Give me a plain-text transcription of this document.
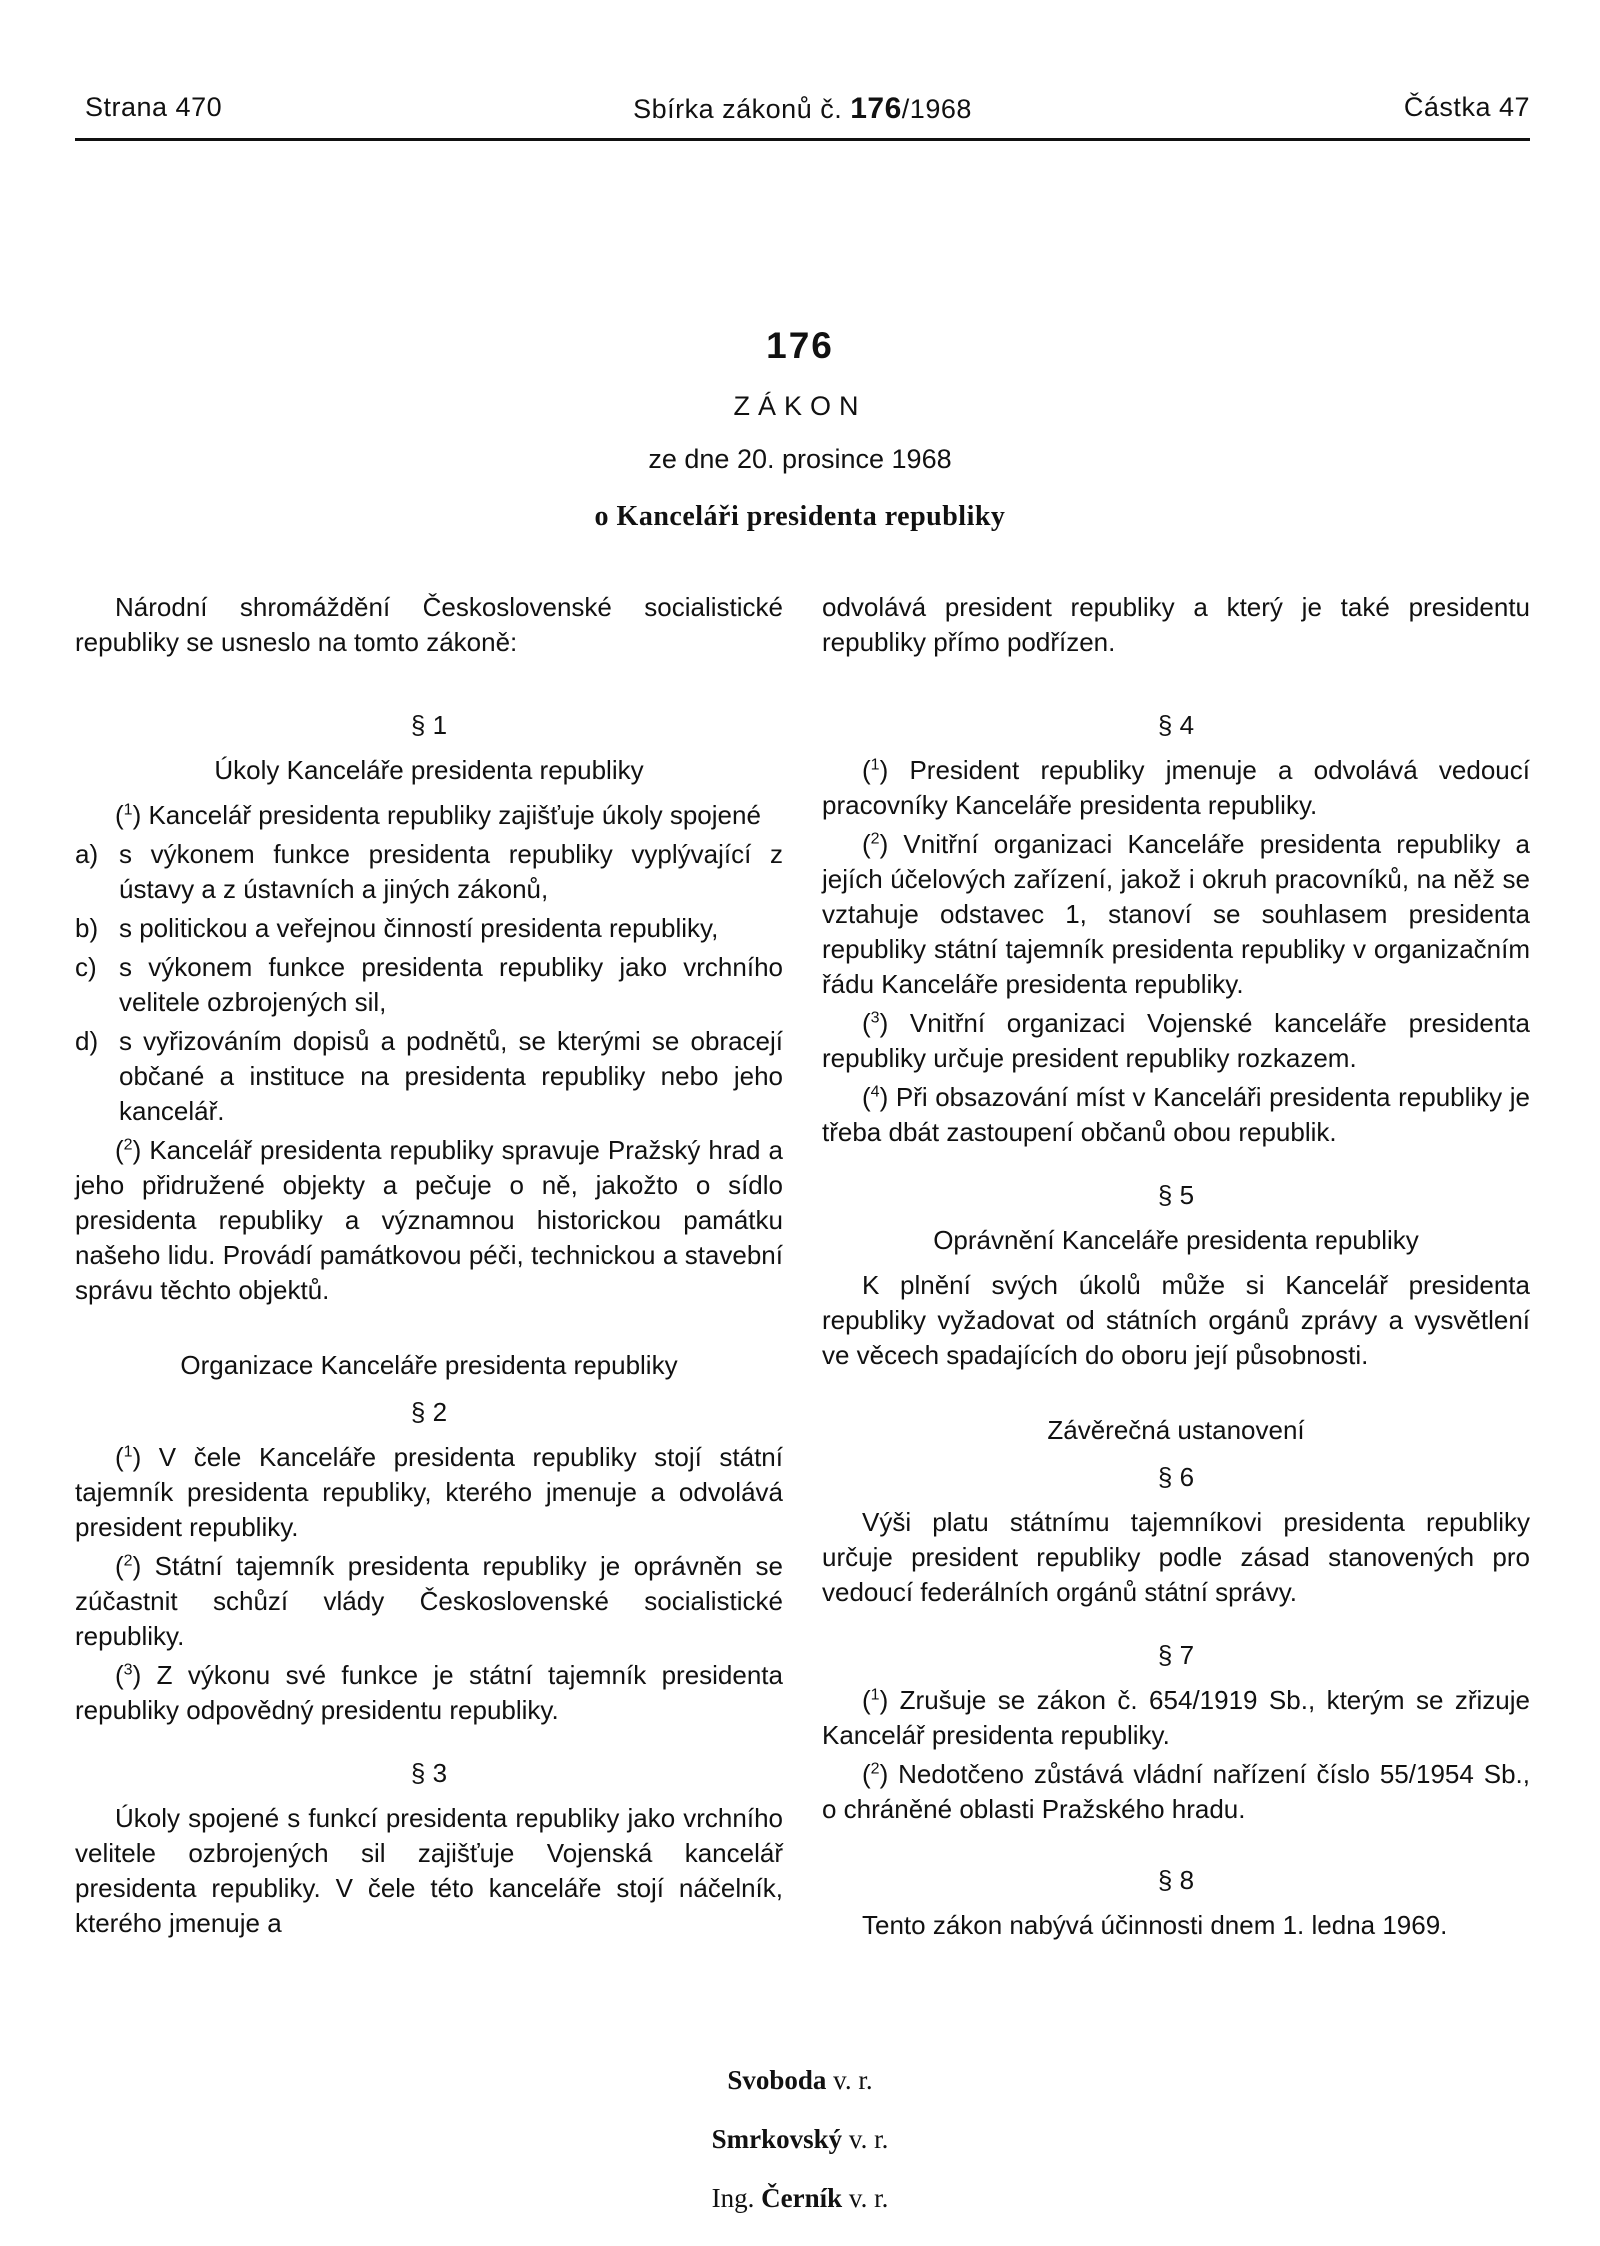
Strana 470	Sbírka zákonů č. 176/1968	Částka 47
176
ZÁKON
ze dne 20. prosince 1968
o Kanceláři presidenta republiky

Národní shromáždění Československé socialistické republiky se usneslo na tomto zákoně:

§ 1
Úkoly Kanceláře presidenta republiky

($^1$) Kancelář presidenta republiky zajišťuje úkoly spojené

a) s výkonem funkce presidenta republiky vyplývající z ústavy a z ústavních a jiných zákonů,
b) s politickou a veřejnou činností presidenta republiky,
c) s výkonem funkce presidenta republiky jako vrchního velitele ozbrojených sil,
d) s vyřizováním dopisů a podnětů, se kterými se obracejí občané a instituce na presidenta republiky nebo jeho kancelář.

($^2$) Kancelář presidenta republiky spravuje Pražský hrad a jeho přidružené objekty a pečuje o ně, jakožto o sídlo presidenta republiky a významnou historickou památku našeho lidu. Provádí památkovou péči, technickou a stavební správu těchto objektů.

Organizace Kanceláře presidenta republiky
§ 2

($^1$) V čele Kanceláře presidenta republiky stojí státní tajemník presidenta republiky, kterého jmenuje a odvolává president republiky.

($^2$) Státní tajemník presidenta republiky je oprávněn se zúčastnit schůzí vlády Československé socialistické republiky.

($^3$) Z výkonu své funkce je státní tajemník presidenta republiky odpovědný presidentu republiky.

§ 3

Úkoly spojené s funkcí presidenta republiky jako vrchního velitele ozbrojených sil zajišťuje Vojenská kancelář presidenta republiky. V čele této kanceláře stojí náčelník, kterého jmenuje a

odvolává president republiky a který je také presidentu republiky přímo podřízen.

§ 4

($^1$) President republiky jmenuje a odvolává vedoucí pracovníky Kanceláře presidenta republiky.

($^2$) Vnitřní organizaci Kanceláře presidenta republiky a jejích účelových zařízení, jakož i okruh pracovníků, na něž se vztahuje odstavec 1, stanoví se souhlasem presidenta republiky státní tajemník presidenta republiky v organizačním řádu Kanceláře presidenta republiky.

($^3$) Vnitřní organizaci Vojenské kanceláře presidenta republiky určuje president republiky rozkazem.

($^4$) Při obsazování míst v Kanceláři presidenta republiky je třeba dbát zastoupení občanů obou republik.

§ 5
Oprávnění Kanceláře presidenta republiky

K plnění svých úkolů může si Kancelář presidenta republiky vyžadovat od státních orgánů zprávy a vysvětlení ve věcech spadajících do oboru její působnosti.

Závěrečná ustanovení
§ 6

Výši platu státnímu tajemníkovi presidenta republiky určuje president republiky podle zásad stanovených pro vedoucí federálních orgánů státní správy.

§ 7

($^1$) Zrušuje se zákon č. 654/1919 Sb., kterým se zřizuje Kancelář presidenta republiky.

($^2$) Nedotčeno zůstává vládní nařízení číslo 55/1954 Sb., o chráněné oblasti Pražského hradu.

§ 8

Tento zákon nabývá účinnosti dnem 1. ledna 1969.

Svoboda v. r.
Smrkovský v. r.
Ing. Černík v. r.
